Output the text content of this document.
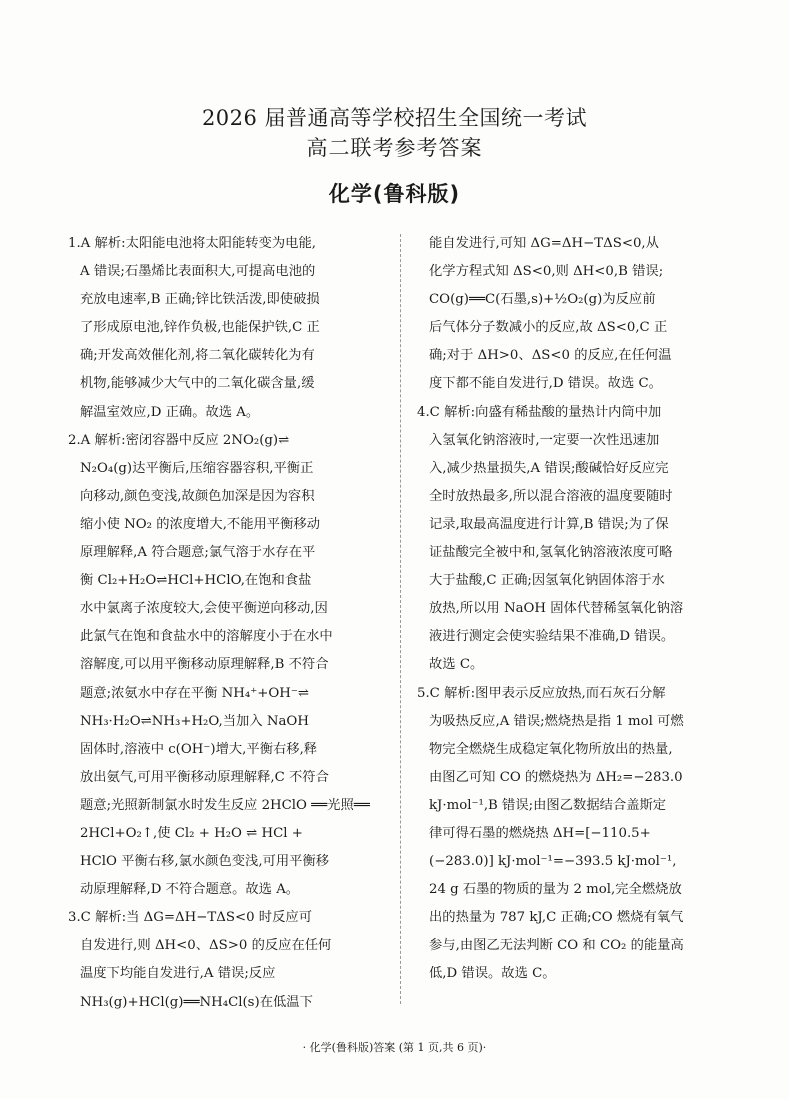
2026 届普通高等学校招生全国统一考试
高二联考参考答案
化学(鲁科版)

1.A 解析:太阳能电池将太阳能转变为电能,

A 错误;石墨烯比表面积大,可提高电池的

充放电速率,B 正确;锌比铁活泼,即使破损

了形成原电池,锌作负极,也能保护铁,C 正

确;开发高效催化剂,将二氧化碳转化为有

机物,能够减少大气中的二氧化碳含量,缓

解温室效应,D 正确。故选 A。

2.A 解析:密闭容器中反应 2NO₂(g)⇌

N₂O₄(g)达平衡后,压缩容器容积,平衡正

向移动,颜色变浅,故颜色加深是因为容积

缩小使 NO₂ 的浓度增大,不能用平衡移动

原理解释,A 符合题意;氯气溶于水存在平

衡 Cl₂+H₂O⇌HCl+HClO,在饱和食盐

水中氯离子浓度较大,会使平衡逆向移动,因

此氯气在饱和食盐水中的溶解度小于在水中

溶解度,可以用平衡移动原理解释,B 不符合

题意;浓氨水中存在平衡 NH₄⁺+OH⁻⇌

NH₃·H₂O⇌NH₃+H₂O,当加入 NaOH

固体时,溶液中 c(OH⁻)增大,平衡右移,释

放出氨气,可用平衡移动原理解释,C 不符合

题意;光照新制氯水时发生反应 2HClO ══光照══

2HCl+O₂↑,使 Cl₂ + H₂O ⇌ HCl +

HClO 平衡右移,氯水颜色变浅,可用平衡移

动原理解释,D 不符合题意。故选 A。

3.C 解析:当 ΔG=ΔH−TΔS<0 时反应可

自发进行,则 ΔH<0、ΔS>0 的反应在任何

温度下均能自发进行,A 错误;反应

NH₃(g)+HCl(g)══NH₄Cl(s)在低温下

能自发进行,可知 ΔG=ΔH−TΔS<0,从

化学方程式知 ΔS<0,则 ΔH<0,B 错误;

CO(g)══C(石墨,s)+½O₂(g)为反应前

后气体分子数减小的反应,故 ΔS<0,C 正

确;对于 ΔH>0、ΔS<0 的反应,在任何温

度下都不能自发进行,D 错误。故选 C。

4.C 解析:向盛有稀盐酸的量热计内筒中加

入氢氧化钠溶液时,一定要一次性迅速加

入,减少热量损失,A 错误;酸碱恰好反应完

全时放热最多,所以混合溶液的温度要随时

记录,取最高温度进行计算,B 错误;为了保

证盐酸完全被中和,氢氧化钠溶液浓度可略

大于盐酸,C 正确;因氢氧化钠固体溶于水

放热,所以用 NaOH 固体代替稀氢氧化钠溶

液进行测定会使实验结果不准确,D 错误。

故选 C。

5.C 解析:图甲表示反应放热,而石灰石分解

为吸热反应,A 错误;燃烧热是指 1 mol 可燃

物完全燃烧生成稳定氧化物所放出的热量,

由图乙可知 CO 的燃烧热为 ΔH₂=−283.0

kJ·mol⁻¹,B 错误;由图乙数据结合盖斯定

律可得石墨的燃烧热 ΔH=[−110.5+

(−283.0)] kJ·mol⁻¹=−393.5 kJ·mol⁻¹,

24 g 石墨的物质的量为 2 mol,完全燃烧放

出的热量为 787 kJ,C 正确;CO 燃烧有氧气

参与,由图乙无法判断 CO 和 CO₂ 的能量高

低,D 错误。故选 C。

· 化学(鲁科版)答案 (第 1 页,共 6 页)·
